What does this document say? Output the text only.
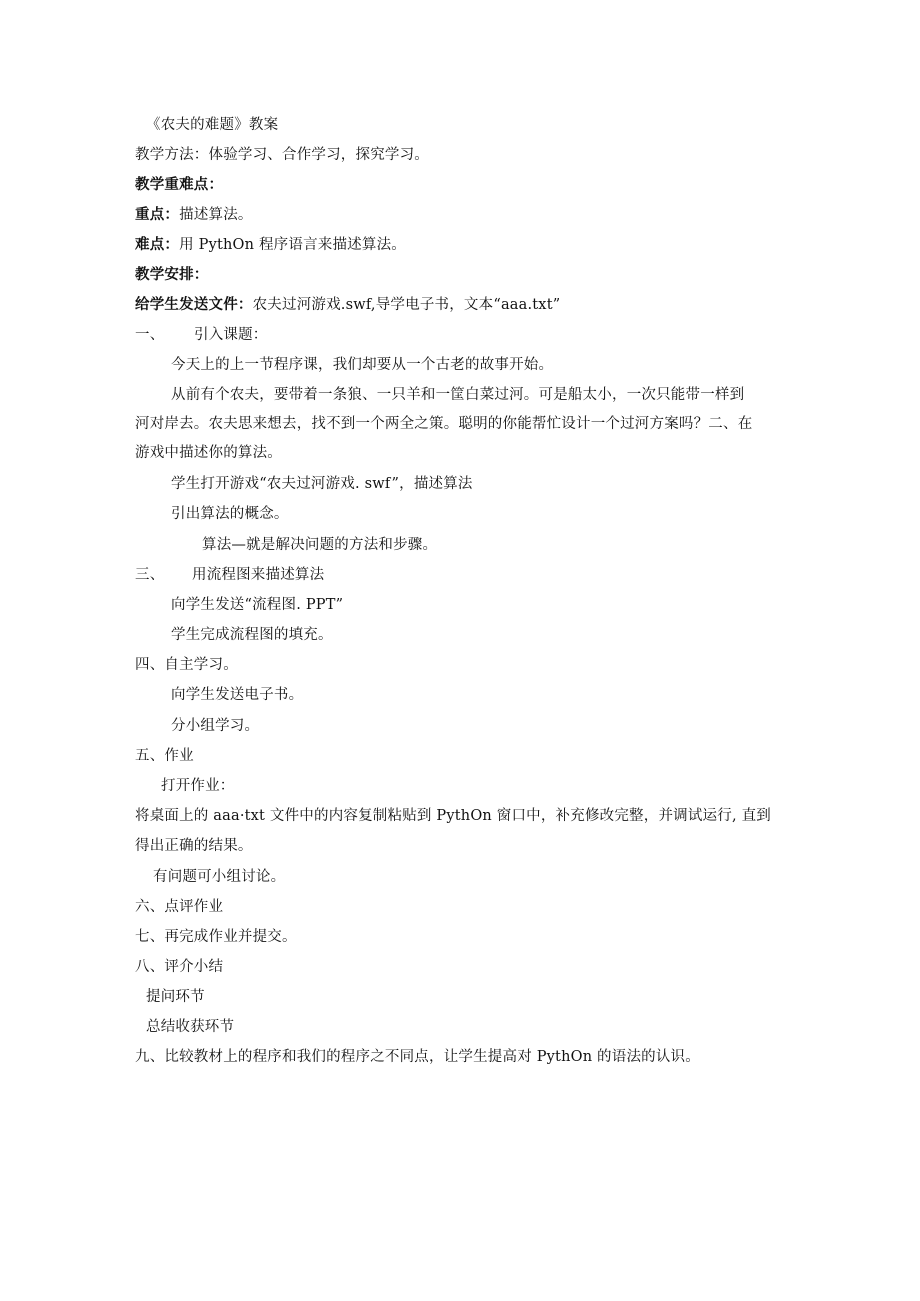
《农夫的难题》教案
教学方法：体验学习、合作学习，探究学习。
教学重难点：
重点：描述算法。
难点：用 PythOn 程序语言来描述算法。
教学安排：
给学生发送文件：农夫过河游戏.swf,导学电子书，文本“aaa.txt”
一、 引入课题：
今天上的上一节程序课，我们却要从一个古老的故事开始。
从前有个农夫，要带着一条狼、一只羊和一筐白菜过河。可是船太小，一次只能带一样到
河对岸去。农夫思来想去，找不到一个两全之策。聪明的你能帮忙设计一个过河方案吗？二、在
游戏中描述你的算法。
学生打开游戏“农夫过河游戏. swf”，描述算法
引出算法的概念。
算法—就是解决问题的方法和步骤。
三、 用流程图来描述算法
向学生发送“流程图. PPT”
学生完成流程图的填充。
四、自主学习。
向学生发送电子书。
分小组学习。
五、作业
打开作业：
将桌面上的 aaa·txt 文件中的内容复制粘贴到 PythOn 窗口中，补充修改完整，并调试运行, 直到
得出正确的结果。
有问题可小组讨论。
六、点评作业
七、再完成作业并提交。
八、评介小结
提问环节
总结收获环节
九、比较教材上的程序和我们的程序之不同点，让学生提高对 PythOn 的语法的认识。
